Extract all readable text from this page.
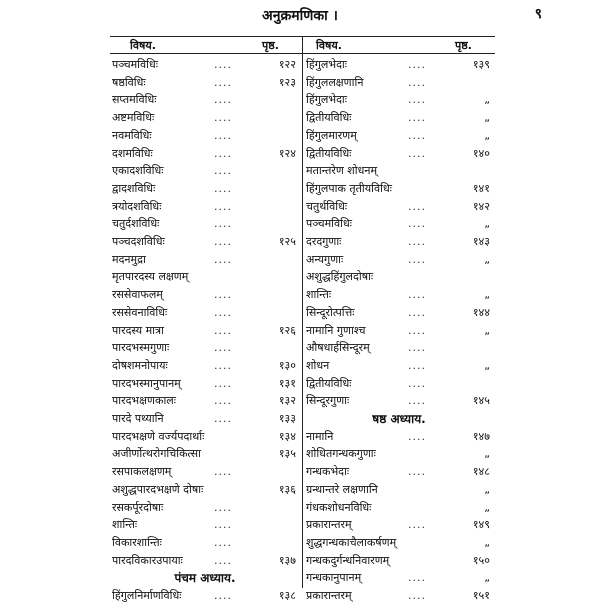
अनुक्रमणिका ।	९
विषय.	पृष्ठ.	विषय.	पृष्ठ.
पञ्चमविधिः	....	१२२
षष्ठविधिः	....	१२३
सप्तमविधिः	....
अष्टमविधिः	....
नवमविधिः	....
दशमविधिः	....	१२४
एकादशविधिः	....
द्वादशविधिः	....
त्रयोदशविधिः	....
चतुर्दशविधिः	....
पञ्चदशविधिः	....	१२५
मदनमुद्रा	....
मृतपारदस्य लक्षणम्
रससेवाफलम्	....
रससेवनाविधिः	....
पारदस्य मात्रा	....	१२६
पारदभस्मगुणाः	....
दोषशमनोपायः	....	१३०
पारदभस्मानुपानम्	....	१३१
पारदभक्षणकालः	....	१३२
पारदे पथ्यानि	....	१३३
पारदभक्षणे वर्ज्यपदार्थाः	१३४
अजीर्णोत्थरोगचिकित्सा	१३५
रसपाकलक्षणम्	....
अशुद्धपारदभक्षणे दोषाः	१३६
रसकर्पूरदोषाः	....
शान्तिः	....
विकारशान्तिः	....
पारदविकारउपायाः	....	१३७
पंचम अध्याय.
हिंगुलनिर्माणविधिः	....	१३८
हिंगुलभेदाः	....	१३९
हिंगुललक्षणानि	....
हिंगुलभेदाः	....	„
द्वितीयविधिः	....	„
हिंगुलमारणम्	....	„
द्वितीयविधिः	....	१४०
मतान्तरेण शोधनम्
हिंगुलपाक तृतीयविधिः	१४१
चतुर्थविधिः	....	१४२
पञ्चमविधिः	....	„
दरदगुणाः	....	१४३
अन्यगुणाः	....	„
अशुद्धहिंगुलदोषाः
शान्तिः	....	„
सिन्दूरोत्पत्तिः	....	१४४
नामानि गुणाश्च	....	„
औषधार्हसिन्दूरम्	....
शोधन	....	„
द्वितीयविधिः	....
सिन्दूरगुणाः	....	१४५
षष्ठ अध्याय.
नामानि	....	१४७
शोधितगन्धकगुणाः	„
गन्धकभेदाः	....	१४८
ग्रन्थान्तरे लक्षणानि	„
गंधकशोधनविधिः	„
प्रकारान्तरम्	....	१४९
शुद्धगन्धकाचैलाकर्षणम्	„
गन्धकदुर्गन्धनिवारणम्	१५०
गन्धकानुपानम्	....	„
प्रकारान्तरम्	....	१५१
